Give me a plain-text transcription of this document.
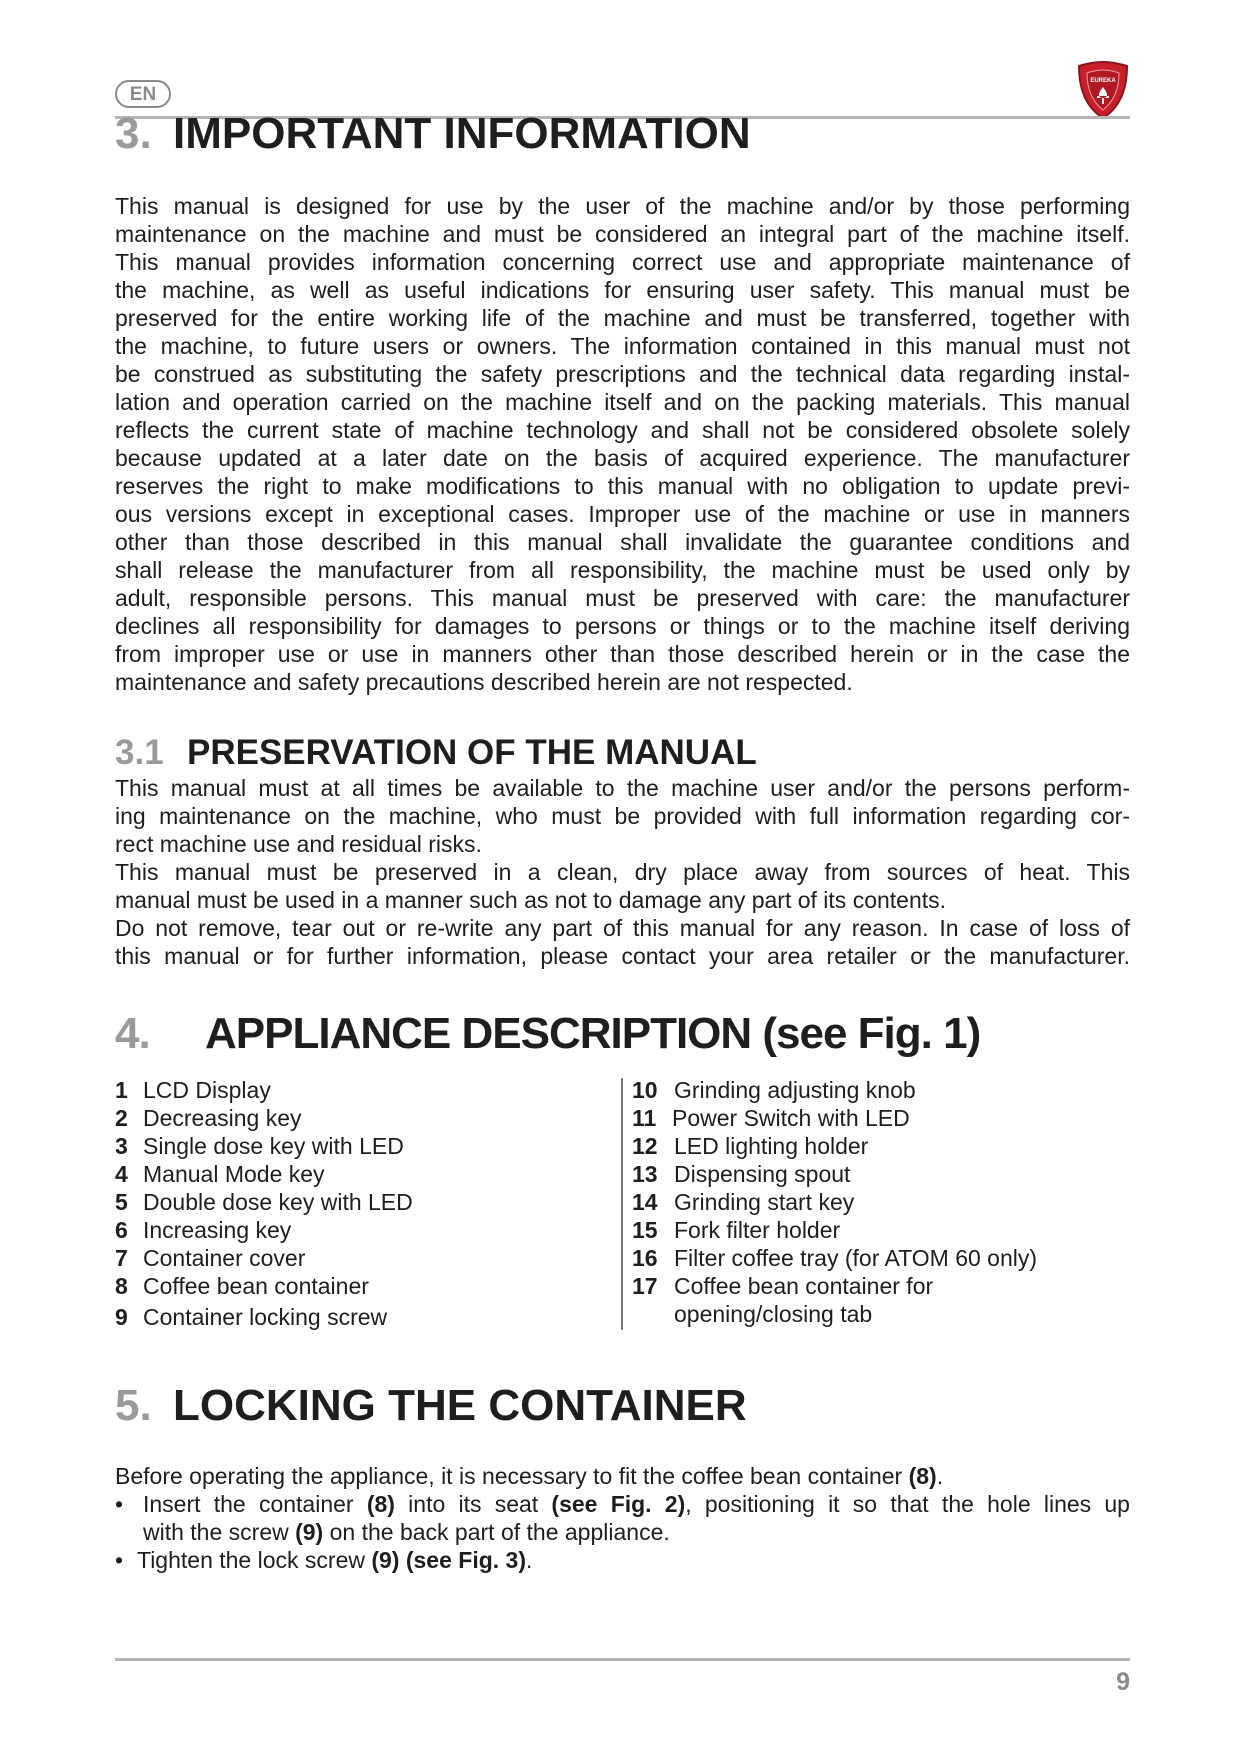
EN
EUREKA
3. IMPORTANT INFORMATION
This manual is designed for use by the user of the machine and/or by those performing
maintenance on the machine and must be considered an integral part of the machine itself.
This manual provides information concerning correct use and appropriate maintenance of
the machine, as well as useful indications for ensuring user safety. This manual must be
preserved for the entire working life of the machine and must be transferred, together with
the machine, to future users or owners. The information contained in this manual must not
be construed as substituting the safety prescriptions and the technical data regarding instal-
lation and operation carried on the machine itself and on the packing materials. This manual
reflects the current state of machine technology and shall not be considered obsolete solely
because updated at a later date on the basis of acquired experience. The manufacturer
reserves the right to make modifications to this manual with no obligation to update previ-
ous versions except in exceptional cases. Improper use of the machine or use in manners
other than those described in this manual shall invalidate the guarantee conditions and
shall release the manufacturer from all responsibility, the machine must be used only by
adult, responsible persons. This manual must be preserved with care: the manufacturer
declines all responsibility for damages to persons or things or to the machine itself deriving
from improper use or use in manners other than those described herein or in the case the
maintenance and safety precautions described herein are not respected.
3.1 PRESERVATION OF THE MANUAL
This manual must at all times be available to the machine user and/or the persons perform-
ing maintenance on the machine, who must be provided with full information regarding cor-
rect machine use and residual risks.
This manual must be preserved in a clean, dry place away from sources of heat. This
manual must be used in a manner such as not to damage any part of its contents.
Do not remove, tear out or re-write any part of this manual for any reason. In case of loss of
this manual or for further information, please contact your area retailer or the manufacturer.
4. APPLIANCE DESCRIPTION (see Fig. 1)
1 LCD Display
2 Decreasing key
3 Single dose key with LED
4 Manual Mode key
5 Double dose key with LED
6 Increasing key
7 Container cover
8 Coffee bean container
9 Container locking screw
10 Grinding adjusting knob
11 Power Switch with LED
12 LED lighting holder
13 Dispensing spout
14 Grinding start key
15 Fork filter holder
16 Filter coffee tray (for ATOM 60 only)
17 Coffee bean container for
opening/closing tab
5. LOCKING THE CONTAINER
Before operating the appliance, it is necessary to fit the coffee bean container (8).
• Insert the container (8) into its seat (see Fig. 2), positioning it so that the hole lines up
with the screw (9) on the back part of the appliance.
• Tighten the lock screw (9) (see Fig. 3).
9
